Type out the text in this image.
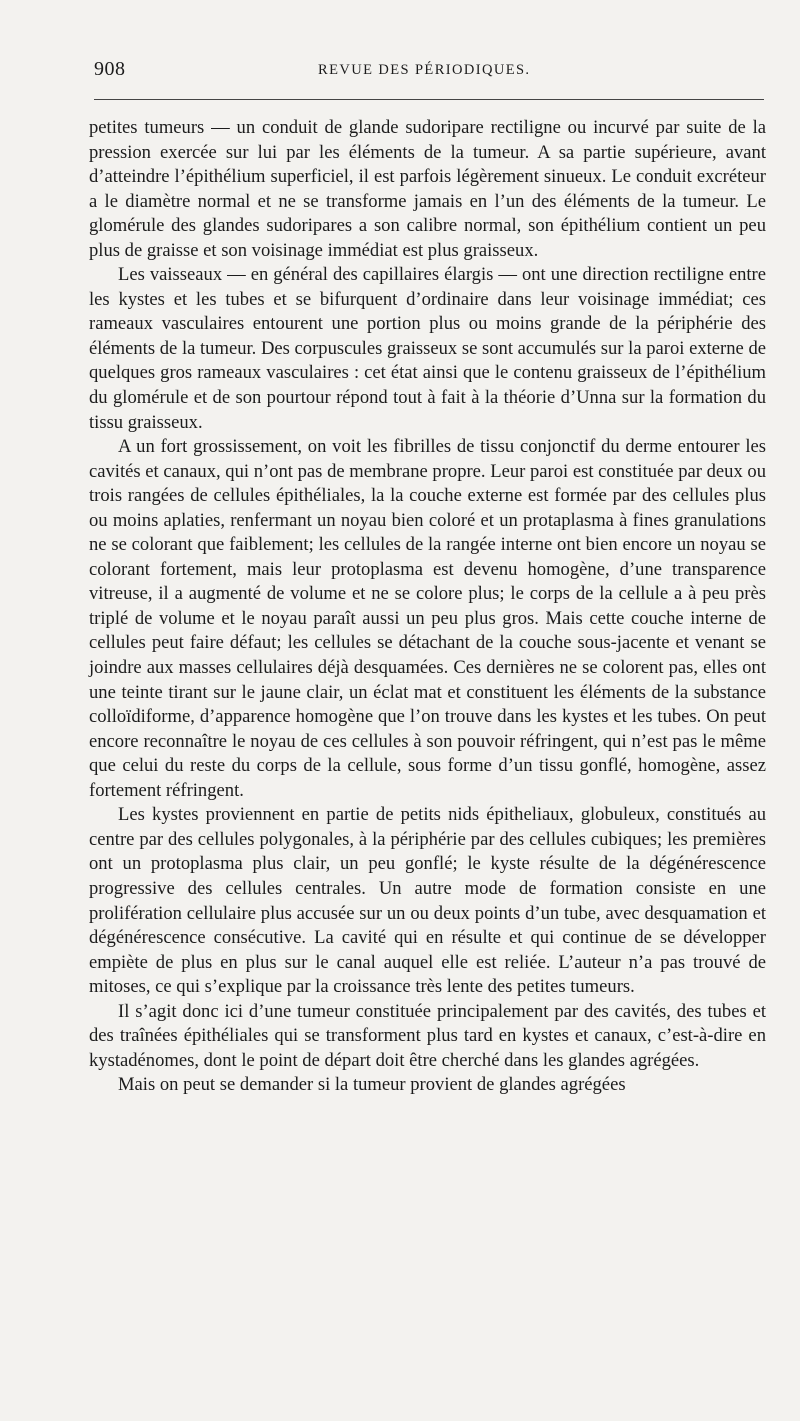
908	REVUE DES PÉRIODIQUES.

petites tumeurs — un conduit de glande sudoripare rectiligne ou incurvé par suite de la pression exercée sur lui par les éléments de la tumeur. A sa partie supérieure, avant d’atteindre l’épithélium superficiel, il est parfois légèrement sinueux. Le conduit excréteur a le diamètre normal et ne se transforme jamais en l’un des éléments de la tumeur. Le glomérule des glandes sudoripares a son calibre normal, son épithélium contient un peu plus de graisse et son voisinage immédiat est plus graisseux.

Les vaisseaux — en général des capillaires élargis — ont une direction rectiligne entre les kystes et les tubes et se bifurquent d’ordinaire dans leur voisinage immédiat; ces rameaux vasculaires entourent une portion plus ou moins grande de la périphérie des éléments de la tumeur. Des corpuscules graisseux se sont accumulés sur la paroi externe de quelques gros rameaux vasculaires : cet état ainsi que le contenu graisseux de l’épithélium du glomérule et de son pourtour répond tout à fait à la théorie d’Unna sur la formation du tissu graisseux.

A un fort grossissement, on voit les fibrilles de tissu conjonctif du derme entourer les cavités et canaux, qui n’ont pas de membrane propre. Leur paroi est constituée par deux ou trois rangées de cellules épithéliales, la la couche externe est formée par des cellules plus ou moins aplaties, renfermant un noyau bien coloré et un protaplasma à fines granulations ne se colorant que faiblement; les cellules de la rangée interne ont bien encore un noyau se colorant fortement, mais leur protoplasma est devenu homogène, d’une transparence vitreuse, il a augmenté de volume et ne se colore plus; le corps de la cellule a à peu près triplé de volume et le noyau paraît aussi un peu plus gros. Mais cette couche interne de cellules peut faire défaut; les cellules se détachant de la couche sous-jacente et venant se joindre aux masses cellulaires déjà desquamées. Ces dernières ne se colorent pas, elles ont une teinte tirant sur le jaune clair, un éclat mat et constituent les éléments de la substance colloïdiforme, d’apparence homogène que l’on trouve dans les kystes et les tubes. On peut encore reconnaître le noyau de ces cellules à son pouvoir réfringent, qui n’est pas le même que celui du reste du corps de la cellule, sous forme d’un tissu gonflé, homogène, assez fortement réfringent.

Les kystes proviennent en partie de petits nids épitheliaux, globuleux, constitués au centre par des cellules polygonales, à la périphérie par des cellules cubiques; les premières ont un protoplasma plus clair, un peu gonflé; le kyste résulte de la dégénérescence progressive des cellules centrales. Un autre mode de formation consiste en une prolifération cellulaire plus accusée sur un ou deux points d’un tube, avec desquamation et dégénérescence consécutive. La cavité qui en résulte et qui continue de se développer empiète de plus en plus sur le canal auquel elle est reliée. L’auteur n’a pas trouvé de mitoses, ce qui s’explique par la croissance très lente des petites tumeurs.

Il s’agit donc ici d’une tumeur constituée principalement par des cavités, des tubes et des traînées épithéliales qui se transforment plus tard en kystes et canaux, c’est-à-dire en kystadénomes, dont le point de départ doit être cherché dans les glandes agrégées.

Mais on peut se demander si la tumeur provient de glandes agrégées
